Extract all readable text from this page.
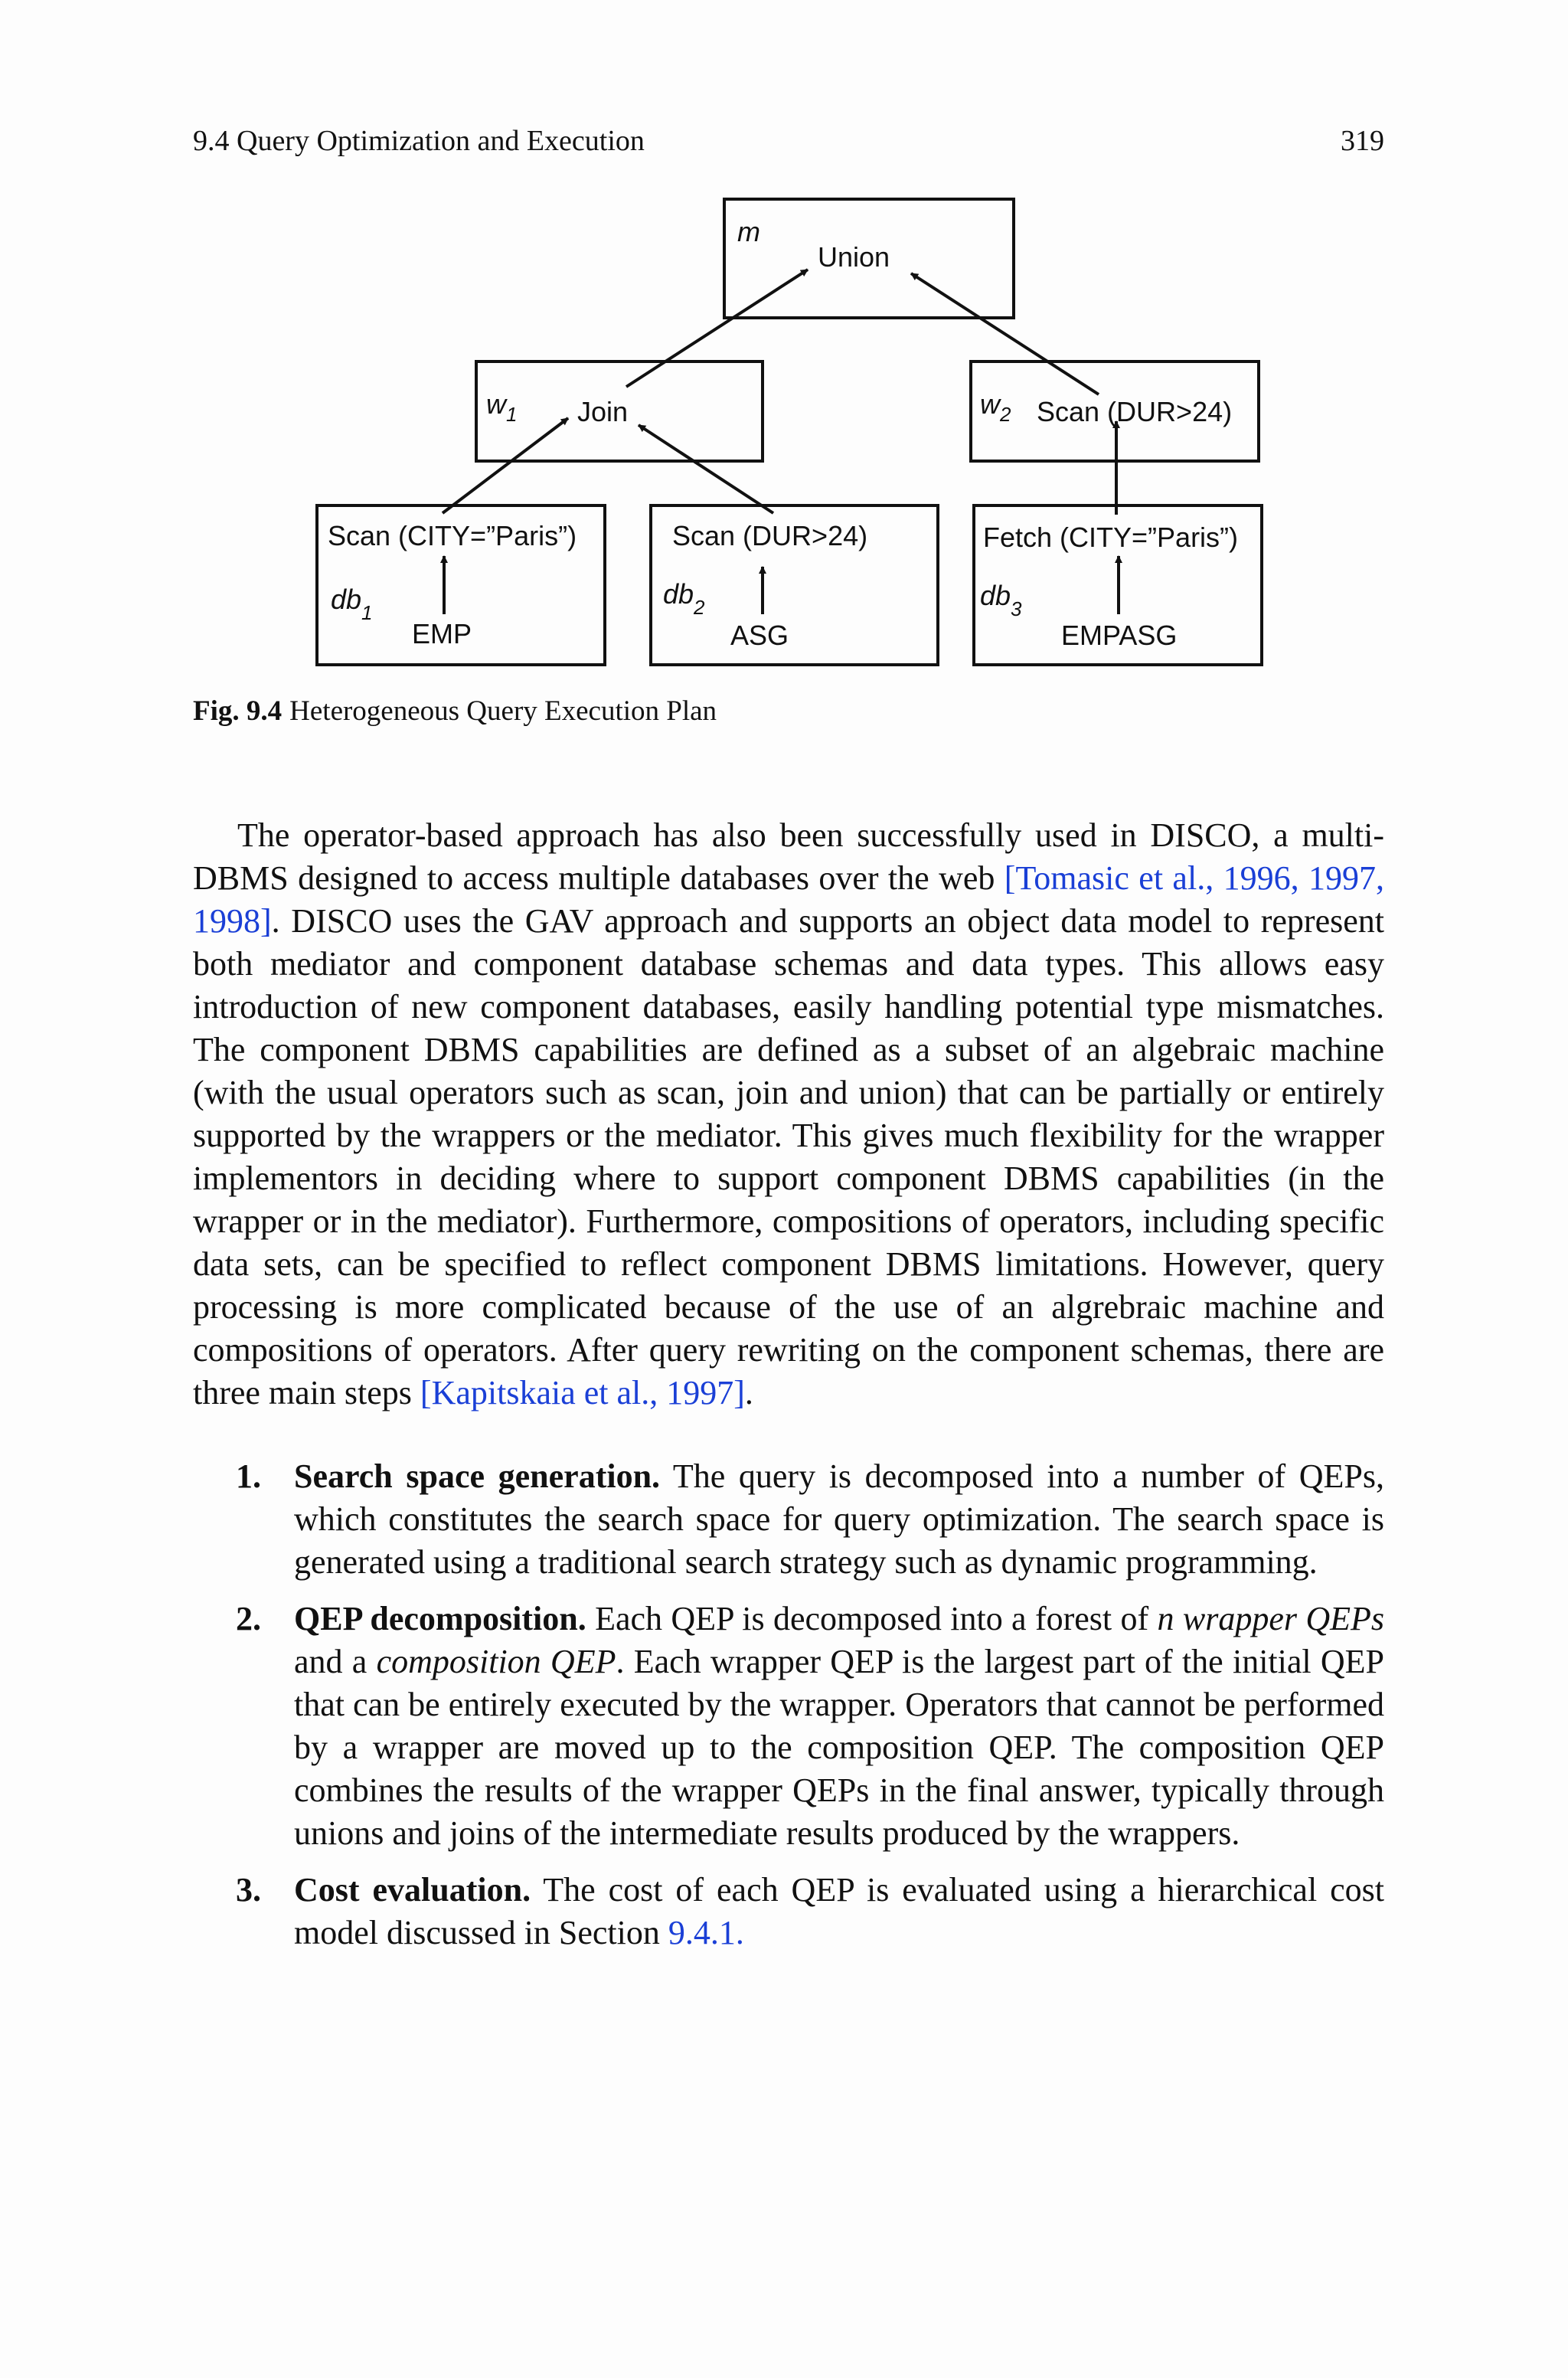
9.4 Query Optimization and Execution	319
m
Union
$w_1$ Join	$w_2$ Scan (DUR>24)
Scan (CITY=”Paris”)
$db_1$
EMP
Scan (DUR>24)
$db_2$
ASG
Fetch (CITY=”Paris”)
$db_3$
EMPASG
Fig. 9.4 Heterogeneous Query Execution Plan

The operator-based approach has also been successfully used in DISCO, a multi-DBMS designed to access multiple databases over the web [Tomasic et al., 1996, 1997, 1998]. DISCO uses the GAV approach and supports an object data model to represent both mediator and component database schemas and data types. This allows easy introduction of new component databases, easily handling potential type mismatches. The component DBMS capabilities are defined as a subset of an algebraic machine (with the usual operators such as scan, join and union) that can be partially or entirely supported by the wrappers or the mediator. This gives much flexibility for the wrapper implementors in deciding where to support component DBMS capabilities (in the wrapper or in the mediator). Furthermore, compositions of operators, including specific data sets, can be specified to reflect component DBMS limitations. However, query processing is more complicated because of the use of an algrebraic machine and compositions of operators. After query rewriting on the component schemas, there are three main steps [Kapitskaia et al., 1997].

1. Search space generation. The query is decomposed into a number of QEPs, which constitutes the search space for query optimization. The search space is generated using a traditional search strategy such as dynamic programming.
2. QEP decomposition. Each QEP is decomposed into a forest of n wrapper QEPs and a composition QEP. Each wrapper QEP is the largest part of the initial QEP that can be entirely executed by the wrapper. Operators that cannot be performed by a wrapper are moved up to the composition QEP. The composition QEP combines the results of the wrapper QEPs in the final answer, typically through unions and joins of the intermediate results produced by the wrappers.
3. Cost evaluation. The cost of each QEP is evaluated using a hierarchical cost model discussed in Section 9.4.1.
